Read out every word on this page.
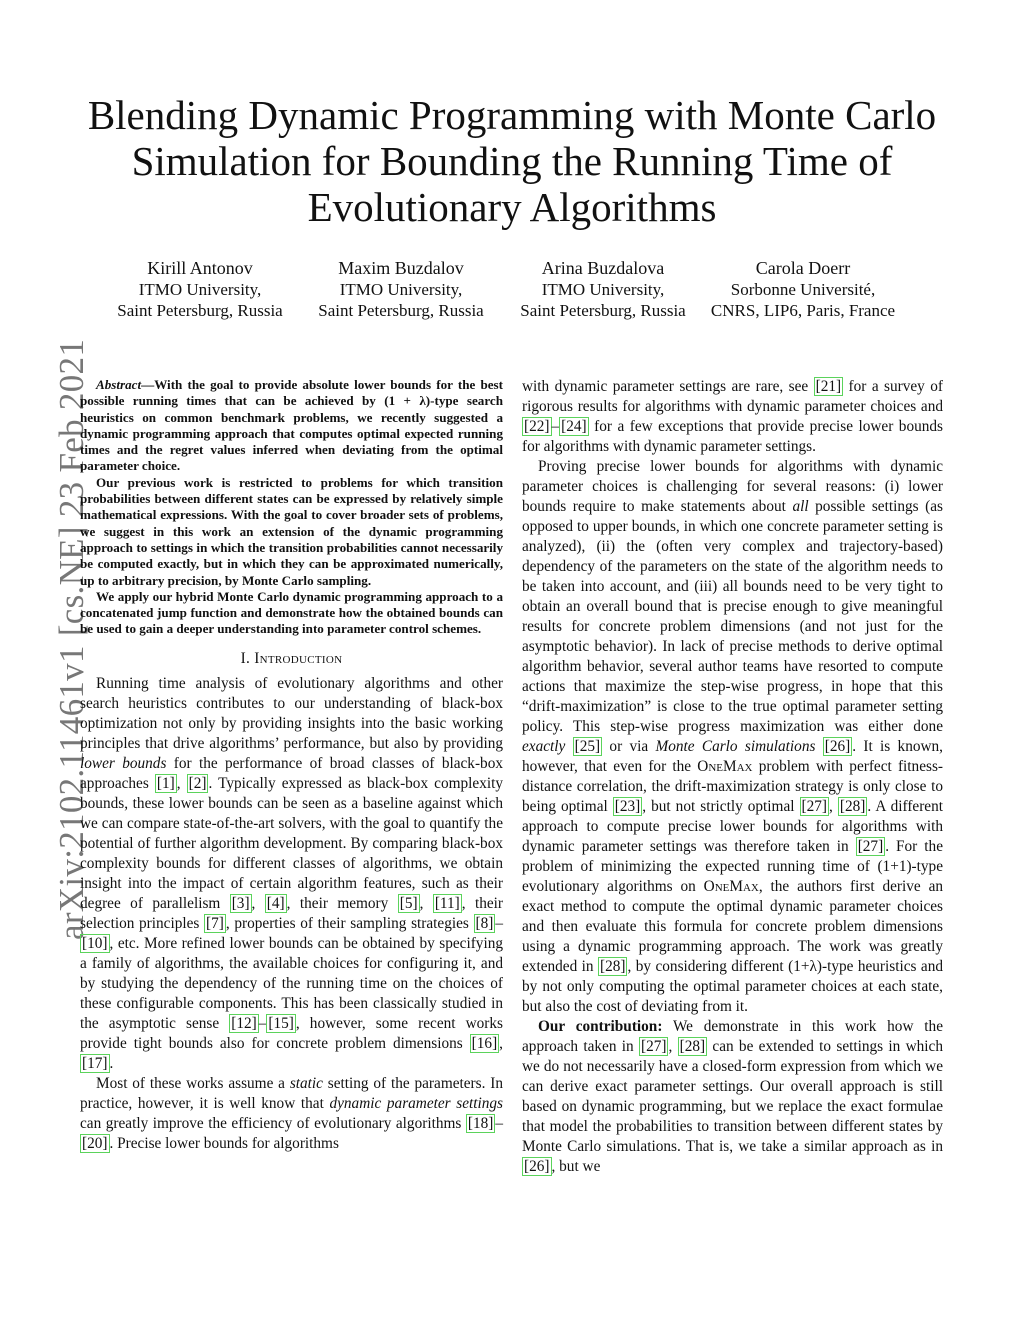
Blending Dynamic Programming with Monte Carlo Simulation for Bounding the Running Time of Evolutionary Algorithms
Kirill Antonov
ITMO University,
Saint Petersburg, Russia
Maxim Buzdalov
ITMO University,
Saint Petersburg, Russia
Arina Buzdalova
ITMO University,
Saint Petersburg, Russia
Carola Doerr
Sorbonne Université,
CNRS, LIP6, Paris, France
arXiv:2102.11461v1 [cs.NE] 23 Feb 2021 Abstract—With the goal to provide absolute lower bounds for the best possible running times that can be achieved by (1 + λ)-type search heuristics on common benchmark problems, we recently suggested a dynamic programming approach that computes optimal expected running times and the regret values inferred when deviating from the optimal parameter choice.

Our previous work is restricted to problems for which transition probabilities between different states can be expressed by relatively simple mathematical expressions. With the goal to cover broader sets of problems, we suggest in this work an extension of the dynamic programming approach to settings in which the transition probabilities cannot necessarily be computed exactly, but in which they can be approximated numerically, up to arbitrary precision, by Monte Carlo sampling.

We apply our hybrid Monte Carlo dynamic programming approach to a concatenated jump function and demonstrate how the obtained bounds can be used to gain a deeper understanding into parameter control schemes.

I. Introduction

Running time analysis of evolutionary algorithms and other search heuristics contributes to our understanding of black-box optimization not only by providing insights into the basic working principles that drive algorithms’ performance, but also by providing lower bounds for the performance of broad classes of black-box approaches [1] , [2] . Typically expressed as black-box complexity bounds, these lower bounds can be seen as a baseline against which we can compare state-of-the-art solvers, with the goal to quantify the potential of further algorithm development. By comparing black-box complexity bounds for different classes of algorithms, we obtain insight into the impact of certain algorithm features, such as their degree of parallelism [3] , [4] , their memory [5] , [11] , their selection principles [7] , properties of their sampling strategies [8] –[10] , etc. More refined lower bounds can be obtained by specifying a family of algorithms, the available choices for configuring it, and by studying the dependency of the running time on the choices of these configurable components. This has been classically studied in the asymptotic sense [12] – [15] , however, some recent works provide tight bounds also for concrete problem dimensions [16] , [17] .

Most of these works assume a static setting of the parameters. In practice, however, it is well know that dynamic parameter settings can greatly improve the efficiency of evolutionary algorithms [18] –[20] . Precise lower bounds for algorithms

with dynamic parameter settings are rare, see [21] for a survey of rigorous results for algorithms with dynamic parameter choices and [22] – [24] for a few exceptions that provide precise lower bounds for algorithms with dynamic parameter settings.

Proving precise lower bounds for algorithms with dynamic parameter choices is challenging for several reasons: (i) lower bounds require to make statements about all possible settings (as opposed to upper bounds, in which one concrete parameter setting is analyzed), (ii) the (often very complex and trajectory-based) dependency of the parameters on the state of the algorithm needs to be taken into account, and (iii) all bounds need to be very tight to obtain an overall bound that is precise enough to give meaningful results for concrete problem dimensions (and not just for the asymptotic behavior). In lack of precise methods to derive optimal algorithm behavior, several author teams have resorted to compute actions that maximize the step-wise progress, in hope that this “drift-maximization” is close to the true optimal parameter setting policy. This step-wise progress maximization was either done exactly [25] or via Monte Carlo simulations [26] . It is known, however, that even for the OneMax problem with perfect fitness-distance correlation, the drift-maximization strategy is only close to being optimal [23] , but not strictly optimal [27] , [28] . A different approach to compute precise lower bounds for algorithms with dynamic parameter settings was therefore taken in [27] . For the problem of minimizing the expected running time of (1+1)-type evolutionary algorithms on OneMax, the authors first derive an exact method to compute the optimal dynamic parameter choices and then evaluate this formula for concrete problem dimensions using a dynamic programming approach. The work was greatly extended in [28] , by considering different (1+λ)-type heuristics and by not only computing the optimal parameter choices at each state, but also the cost of deviating from it.

Our contribution: We demonstrate in this work how the approach taken in [27] , [28] can be extended to settings in which we do not necessarily have a closed-form expression from which we can derive exact parameter settings. Our overall approach is still based on dynamic programming, but we replace the exact formulae that model the probabilities to transition between different states by Monte Carlo simulations. That is, we take a similar approach as in [26] , but we
